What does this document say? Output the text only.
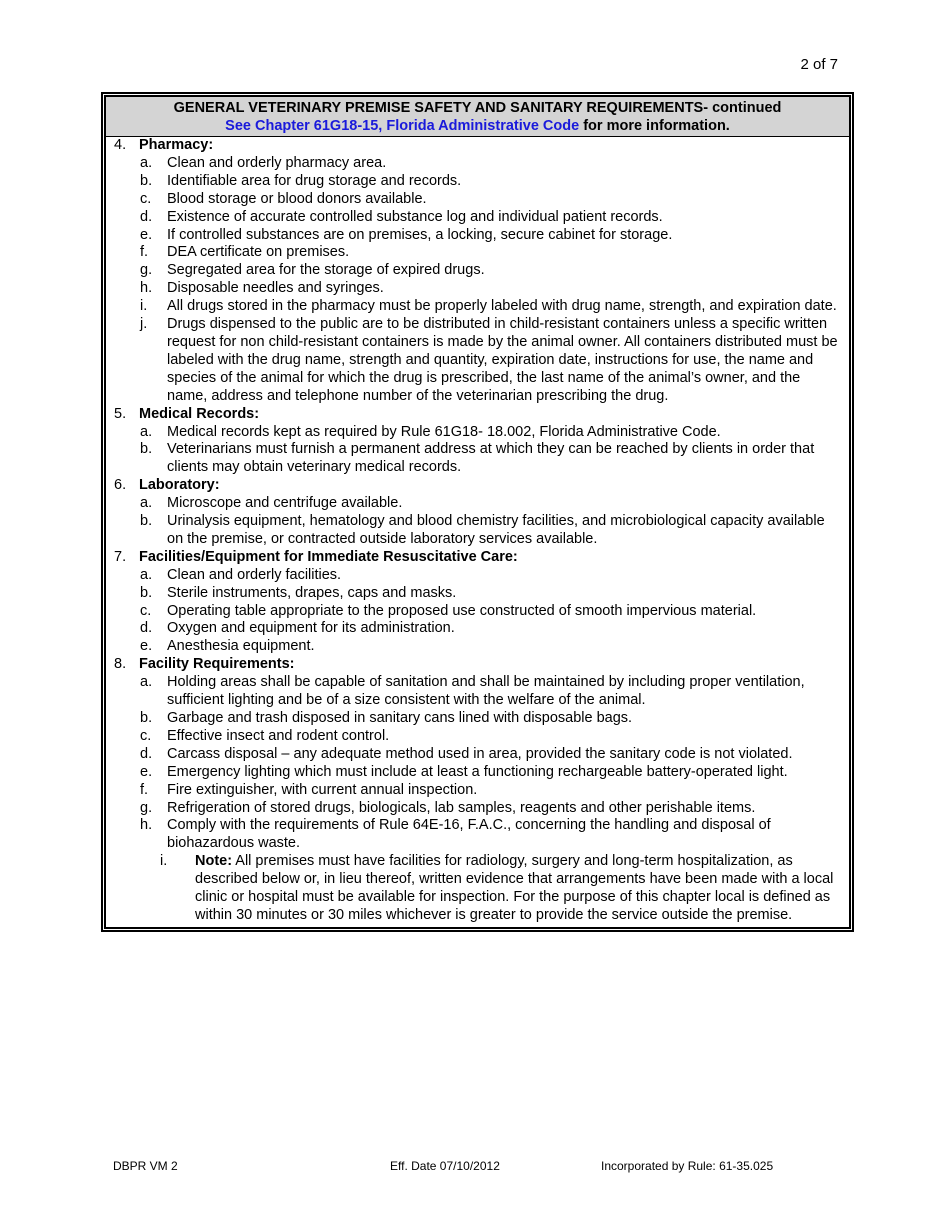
2 of 7
GENERAL VETERINARY PREMISE SAFETY AND SANITARY REQUIREMENTS- continued
See Chapter 61G18-15, Florida Administrative Code for more information.
4. Pharmacy:
a. Clean and orderly pharmacy area.
b. Identifiable area for drug storage and records.
c. Blood storage or blood donors available.
d. Existence of accurate controlled substance log and individual patient records.
e. If controlled substances are on premises, a locking, secure cabinet for storage.
f. DEA certificate on premises.
g. Segregated area for the storage of expired drugs.
h. Disposable needles and syringes.
i. All drugs stored in the pharmacy must be properly labeled with drug name, strength, and expiration date.
j. Drugs dispensed to the public are to be distributed in child-resistant containers unless a specific written request for non child-resistant containers is made by the animal owner. All containers distributed must be labeled with the drug name, strength and quantity, expiration date, instructions for use, the name and species of the animal for which the drug is prescribed, the last name of the animal’s owner, and the name, address and telephone number of the veterinarian prescribing the drug.
5. Medical Records:
a. Medical records kept as required by Rule 61G18- 18.002, Florida Administrative Code.
b. Veterinarians must furnish a permanent address at which they can be reached by clients in order that clients may obtain veterinary medical records.
6. Laboratory:
a. Microscope and centrifuge available.
b. Urinalysis equipment, hematology and blood chemistry facilities, and microbiological capacity available on the premise, or contracted outside laboratory services available.
7. Facilities/Equipment for Immediate Resuscitative Care:
a. Clean and orderly facilities.
b. Sterile instruments, drapes, caps and masks.
c. Operating table appropriate to the proposed use constructed of smooth impervious material.
d. Oxygen and equipment for its administration.
e. Anesthesia equipment.
8. Facility Requirements:
a. Holding areas shall be capable of sanitation and shall be maintained by including proper ventilation, sufficient lighting and be of a size consistent with the welfare of the animal.
b. Garbage and trash disposed in sanitary cans lined with disposable bags.
c. Effective insect and rodent control.
d. Carcass disposal – any adequate method used in area, provided the sanitary code is not violated.
e. Emergency lighting which must include at least a functioning rechargeable battery-operated light.
f. Fire extinguisher, with current annual inspection.
g. Refrigeration of stored drugs, biologicals, lab samples, reagents and other perishable items.
h. Comply with the requirements of Rule 64E-16, F.A.C., concerning the handling and disposal of biohazardous waste.
i. Note: All premises must have facilities for radiology, surgery and long-term hospitalization, as described below or, in lieu thereof, written evidence that arrangements have been made with a local clinic or hospital must be available for inspection. For the purpose of this chapter local is defined as within 30 minutes or 30 miles whichever is greater to provide the service outside the premise.
DBPR VM 2	Eff. Date 07/10/2012	Incorporated by Rule: 61-35.025
